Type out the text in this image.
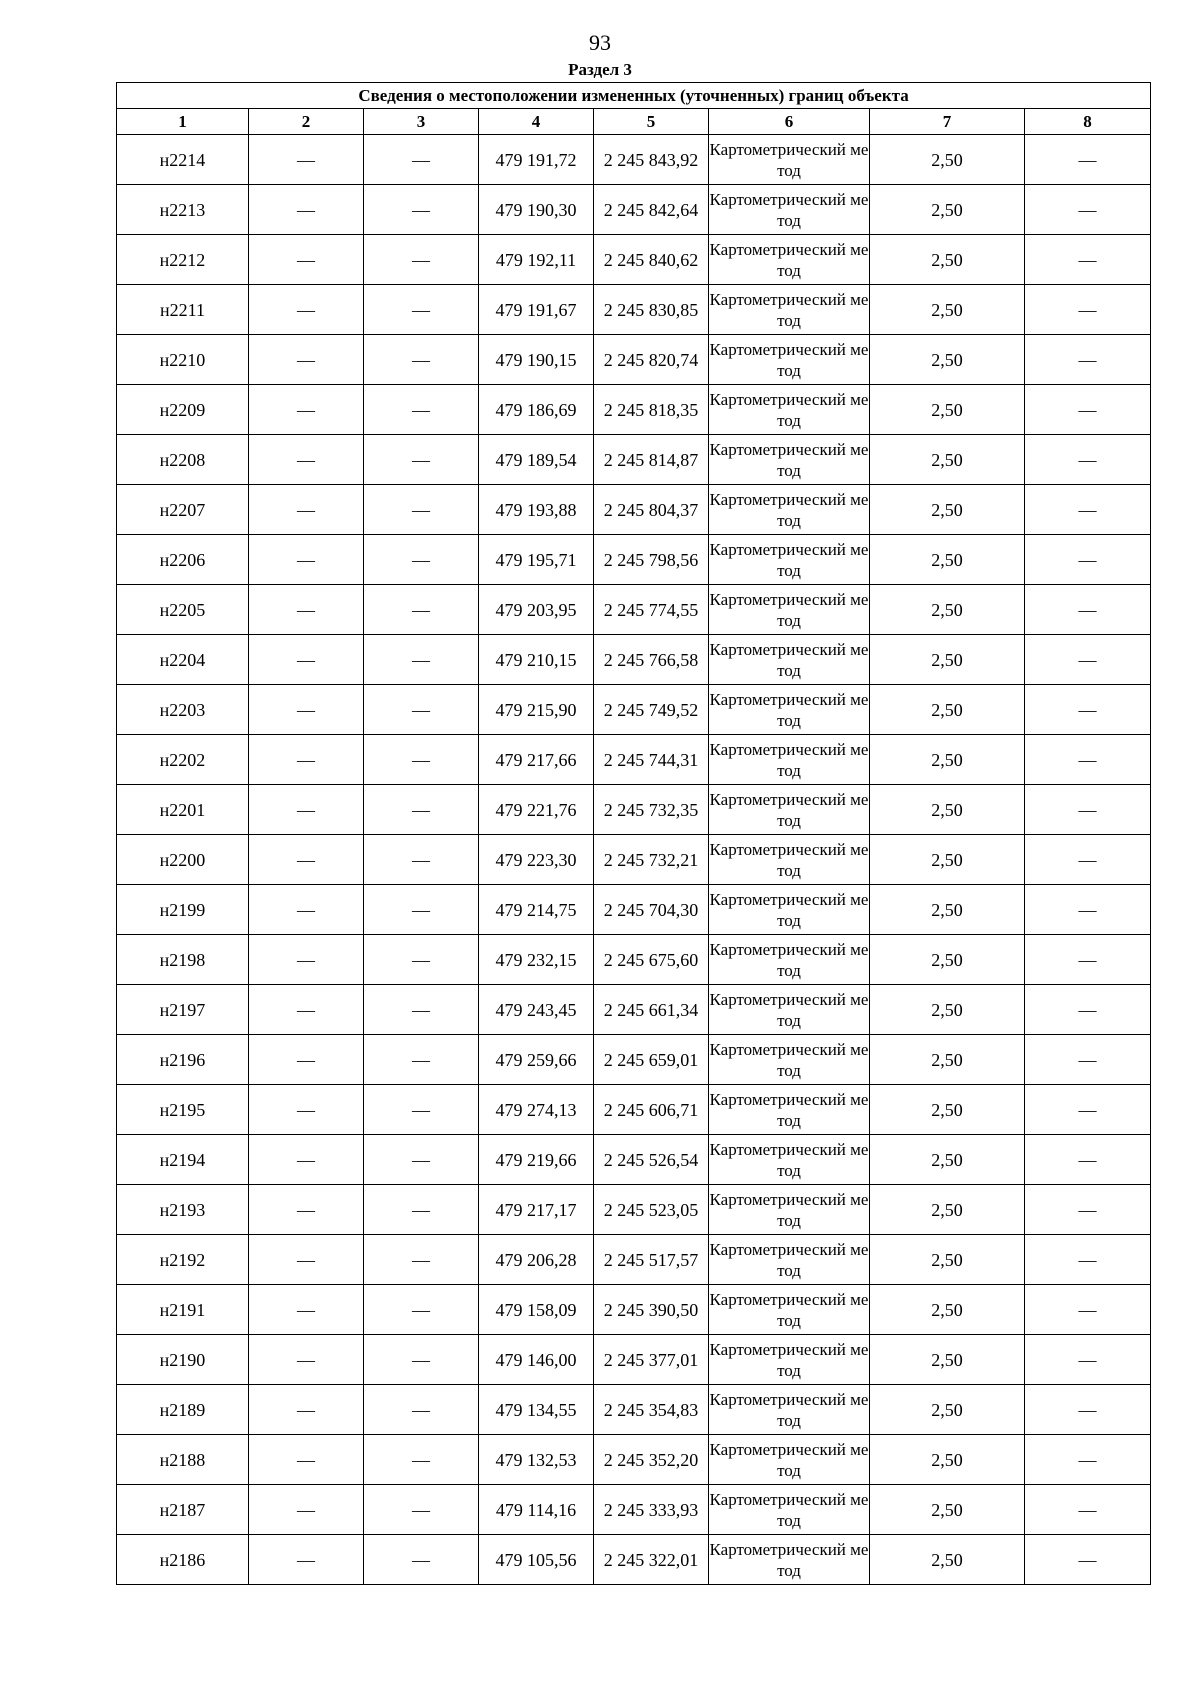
93
Раздел 3
Сведения о местоположении измененных (уточненных) границ объекта							
1	2	3	4	5	6	7	8
н2214	—	—	479 191,72	2 245 843,92	Картометрический метод	2,50	—
н2213	—	—	479 190,30	2 245 842,64	Картометрический метод	2,50	—
н2212	—	—	479 192,11	2 245 840,62	Картометрический метод	2,50	—
н2211	—	—	479 191,67	2 245 830,85	Картометрический метод	2,50	—
н2210	—	—	479 190,15	2 245 820,74	Картометрический метод	2,50	—
н2209	—	—	479 186,69	2 245 818,35	Картометрический метод	2,50	—
н2208	—	—	479 189,54	2 245 814,87	Картометрический метод	2,50	—
н2207	—	—	479 193,88	2 245 804,37	Картометрический метод	2,50	—
н2206	—	—	479 195,71	2 245 798,56	Картометрический метод	2,50	—
н2205	—	—	479 203,95	2 245 774,55	Картометрический метод	2,50	—
н2204	—	—	479 210,15	2 245 766,58	Картометрический метод	2,50	—
н2203	—	—	479 215,90	2 245 749,52	Картометрический метод	2,50	—
н2202	—	—	479 217,66	2 245 744,31	Картометрический метод	2,50	—
н2201	—	—	479 221,76	2 245 732,35	Картометрический метод	2,50	—
н2200	—	—	479 223,30	2 245 732,21	Картометрический метод	2,50	—
н2199	—	—	479 214,75	2 245 704,30	Картометрический метод	2,50	—
н2198	—	—	479 232,15	2 245 675,60	Картометрический метод	2,50	—
н2197	—	—	479 243,45	2 245 661,34	Картометрический метод	2,50	—
н2196	—	—	479 259,66	2 245 659,01	Картометрический метод	2,50	—
н2195	—	—	479 274,13	2 245 606,71	Картометрический метод	2,50	—
н2194	—	—	479 219,66	2 245 526,54	Картометрический метод	2,50	—
н2193	—	—	479 217,17	2 245 523,05	Картометрический метод	2,50	—
н2192	—	—	479 206,28	2 245 517,57	Картометрический метод	2,50	—
н2191	—	—	479 158,09	2 245 390,50	Картометрический метод	2,50	—
н2190	—	—	479 146,00	2 245 377,01	Картометрический метод	2,50	—
н2189	—	—	479 134,55	2 245 354,83	Картометрический метод	2,50	—
н2188	—	—	479 132,53	2 245 352,20	Картометрический метод	2,50	—
н2187	—	—	479 114,16	2 245 333,93	Картометрический метод	2,50	—
н2186	—	—	479 105,56	2 245 322,01	Картометрический метод	2,50	—
